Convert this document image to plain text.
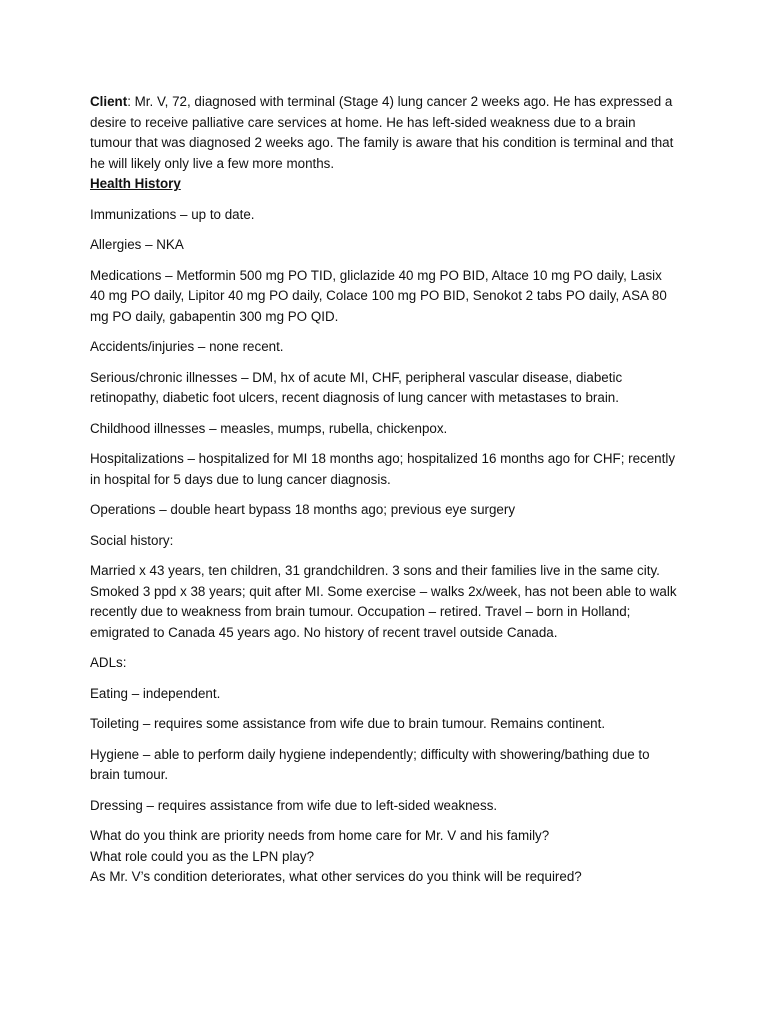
Client: Mr. V, 72, diagnosed with terminal (Stage 4) lung cancer 2 weeks ago. He has expressed a desire to receive palliative care services at home. He has left-sided weakness due to a brain tumour that was diagnosed 2 weeks ago. The family is aware that his condition is terminal and that he will likely only live a few more months.

Health History

Immunizations – up to date.

Allergies – NKA

Medications – Metformin 500 mg PO TID, gliclazide 40 mg PO BID, Altace 10 mg PO daily, Lasix 40 mg PO daily, Lipitor 40 mg PO daily, Colace 100 mg PO BID, Senokot 2 tabs PO daily, ASA 80 mg PO daily, gabapentin 300 mg PO QID.

Accidents/injuries – none recent.

Serious/chronic illnesses – DM, hx of acute MI, CHF, peripheral vascular disease, diabetic retinopathy, diabetic foot ulcers, recent diagnosis of lung cancer with metastases to brain.

Childhood illnesses – measles, mumps, rubella, chickenpox.

Hospitalizations – hospitalized for MI 18 months ago; hospitalized 16 months ago for CHF; recently in hospital for 5 days due to lung cancer diagnosis.

Operations – double heart bypass 18 months ago; previous eye surgery

Social history:

Married x 43 years, ten children, 31 grandchildren. 3 sons and their families live in the same city. Smoked 3 ppd x 38 years; quit after MI. Some exercise – walks 2x/week, has not been able to walk recently due to weakness from brain tumour. Occupation – retired. Travel – born in Holland; emigrated to Canada 45 years ago. No history of recent travel outside Canada.

ADLs:

Eating – independent.

Toileting – requires some assistance from wife due to brain tumour. Remains continent.

Hygiene – able to perform daily hygiene independently; difficulty with showering/bathing due to brain tumour.

Dressing – requires assistance from wife due to left-sided weakness.

What do you think are priority needs from home care for Mr. V and his family?

What role could you as the LPN play?

As Mr. V’s condition deteriorates, what other services do you think will be required?
